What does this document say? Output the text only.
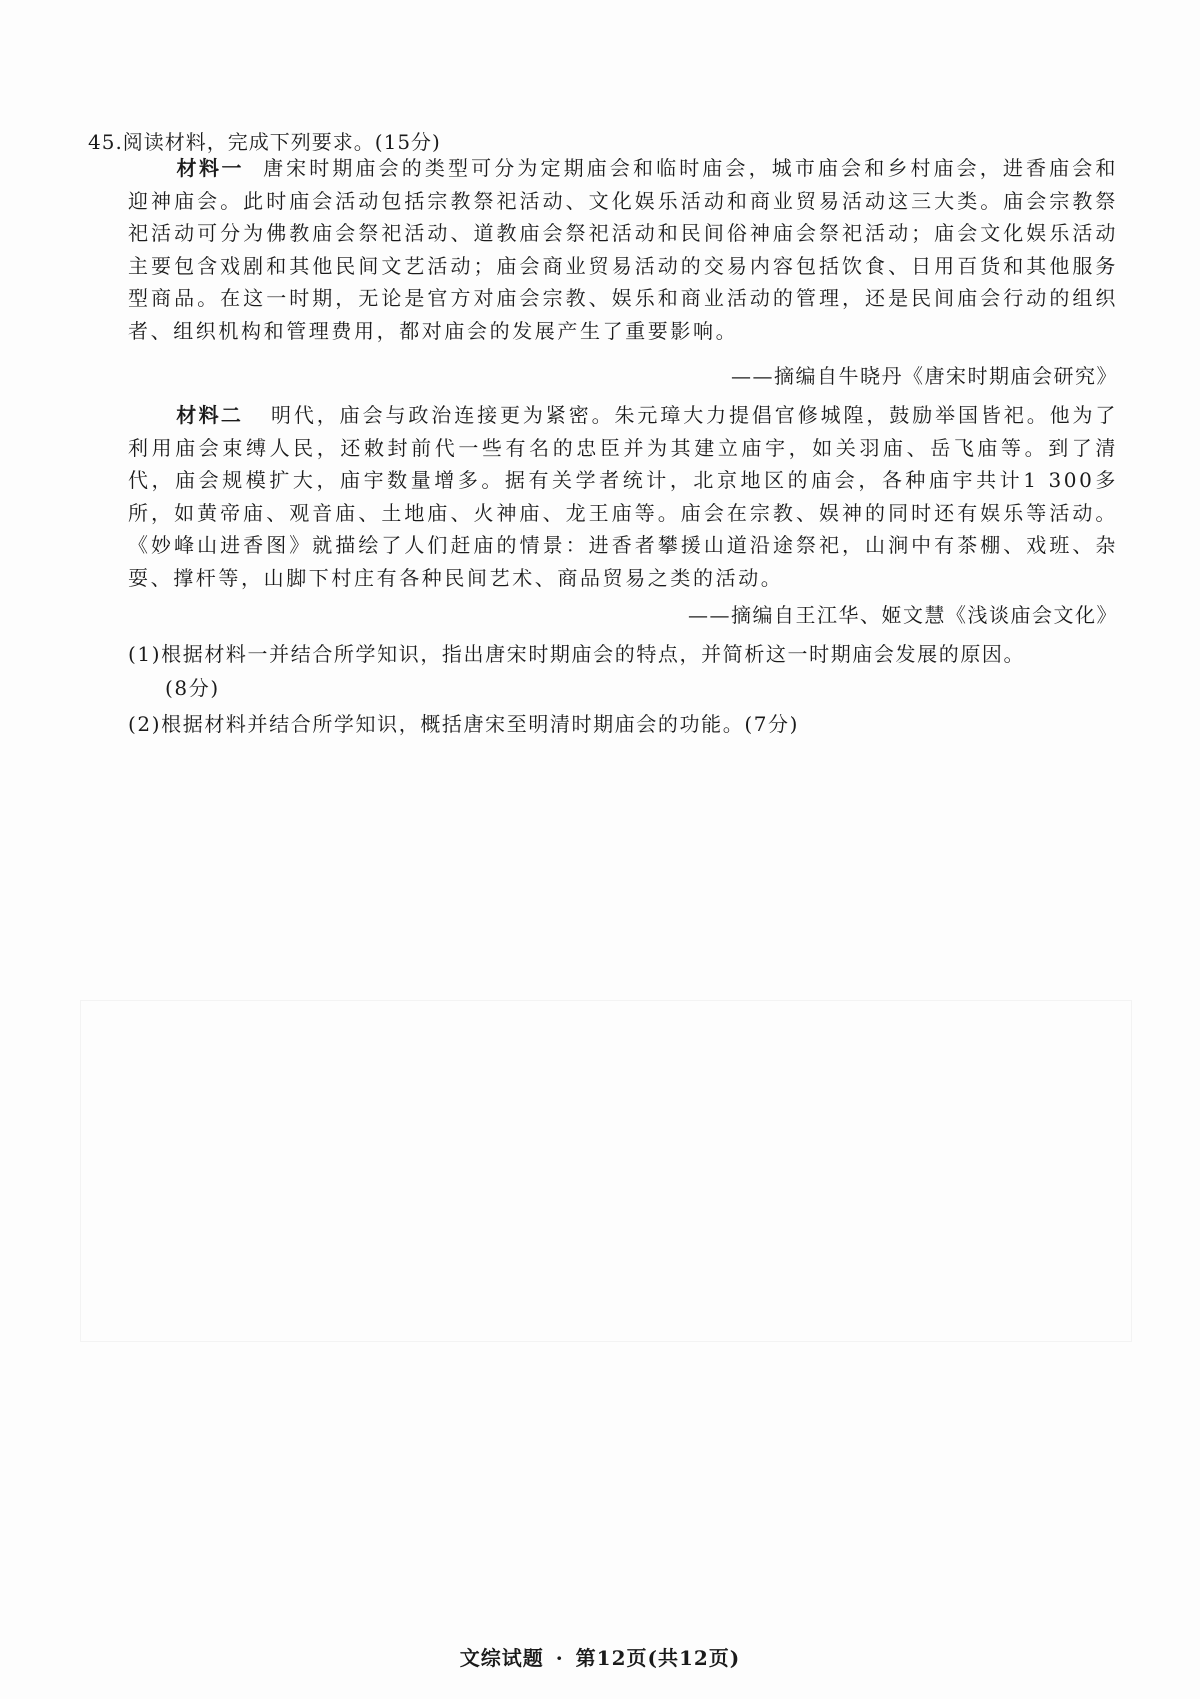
45.阅读材料，完成下列要求。(15分)
材料一 唐宋时期庙会的类型可分为定期庙会和临时庙会，城市庙会和乡村庙会，进香庙会和迎神庙会。此时庙会活动包括宗教祭祀活动、文化娱乐活动和商业贸易活动这三大类。庙会宗教祭祀活动可分为佛教庙会祭祀活动、道教庙会祭祀活动和民间俗神庙会祭祀活动；庙会文化娱乐活动主要包含戏剧和其他民间文艺活动；庙会商业贸易活动的交易内容包括饮食、日用百货和其他服务型商品。在这一时期，无论是官方对庙会宗教、娱乐和商业活动的管理，还是民间庙会行动的组织者、组织机构和管理费用，都对庙会的发展产生了重要影响。
——摘编自牛晓丹《唐宋时期庙会研究》
材料二 明代，庙会与政治连接更为紧密。朱元璋大力提倡官修城隍，鼓励举国皆祀。他为了利用庙会束缚人民，还敕封前代一些有名的忠臣并为其建立庙宇，如关羽庙、岳飞庙等。到了清代，庙会规模扩大，庙宇数量增多。据有关学者统计，北京地区的庙会，各种庙宇共计1 300多所，如黄帝庙、观音庙、土地庙、火神庙、龙王庙等。庙会在宗教、娱神的同时还有娱乐等活动。《妙峰山进香图》就描绘了人们赶庙的情景：进香者攀援山道沿途祭祀，山涧中有茶棚、戏班、杂耍、撑杆等，山脚下村庄有各种民间艺术、商品贸易之类的活动。
——摘编自王江华、姬文慧《浅谈庙会文化》
(1)根据材料一并结合所学知识，指出唐宋时期庙会的特点，并简析这一时期庙会发展的原因。
(8分)
(2)根据材料并结合所学知识，概括唐宋至明清时期庙会的功能。(7分)
文综试题 · 第12页(共12页)
